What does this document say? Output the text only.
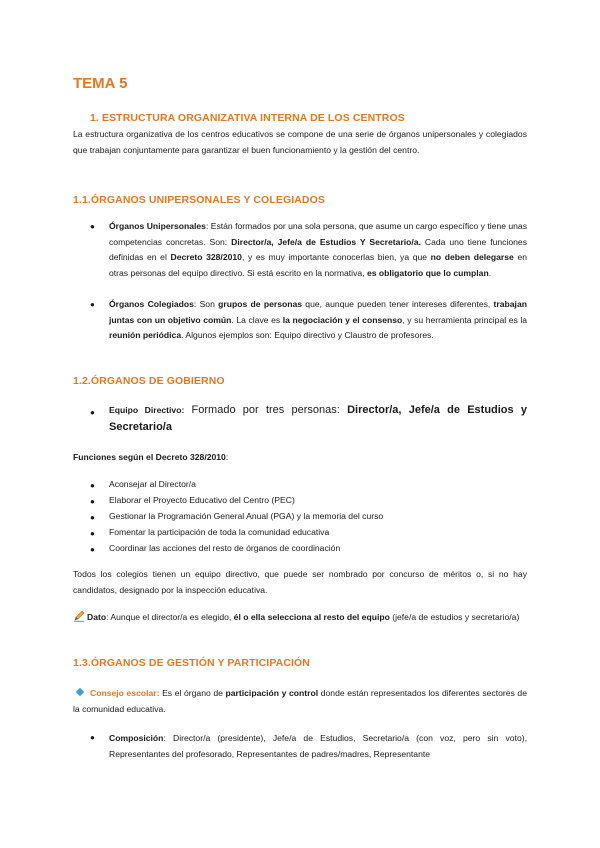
TEMA 5
1. ESTRUCTURA ORGANIZATIVA INTERNA DE LOS CENTROS
La estructura organizativa de los centros educativos se compone de una serie de órganos unipersonales y colegiados que trabajan conjuntamente para garantizar el buen funcionamiento y la gestión del centro.
1.1.ÓRGANOS UNIPERSONALES Y COLEGIADOS
● Órganos Unipersonales: Están formados por una sola persona, que asume un cargo específico y tiene unas competencias concretas. Son: Director/a, Jefe/a de Estudios Y Secretario/a. Cada uno tiene funciones definidas en el Decreto 328/2010, y es muy importante conocerlas bien, ya que no deben delegarse en otras personas del equipo directivo. Si está escrito en la normativa, es obligatorio que lo cumplan.
● Órganos Colegiados: Son grupos de personas que, aunque pueden tener intereses diferentes, trabajan juntas con un objetivo común. La clave es la negociación y el consenso, y su herramienta principal es la reunión periódica. Algunos ejemplos son: Equipo directivo y Claustro de profesores.
1.2.ÓRGANOS DE GOBIERNO
● Equipo Directivo: Formado por tres personas: Director/a, Jefe/a de Estudios y Secretario/a
Funciones según el Decreto 328/2010:
● Aconsejar al Director/a
● Elaborar el Proyecto Educativo del Centro (PEC)
● Gestionar la Programación General Anual (PGA) y la memoria del curso
● Fomentar la participación de toda la comunidad educativa
● Coordinar las acciones del resto de órganos de coordinación
Todos los colegios tienen un equipo directivo, que puede ser nombrado por concurso de méritos o, si no hay candidatos, designado por la inspección educativa.
Dato: Aunque el director/a es elegido, él o ella selecciona al resto del equipo (jefe/a de estudios y secretario/a)
1.3.ÓRGANOS DE GESTIÓN Y PARTICIPACIÓN
Consejo escolar: Es el órgano de participación y control donde están representados los diferentes sectores de la comunidad educativa.
● Composición: Director/a (presidente), Jefe/a de Estudios, Secretario/a (con voz, pero sin voto), Representantes del profesorado, Representantes de padres/madres, Representante
